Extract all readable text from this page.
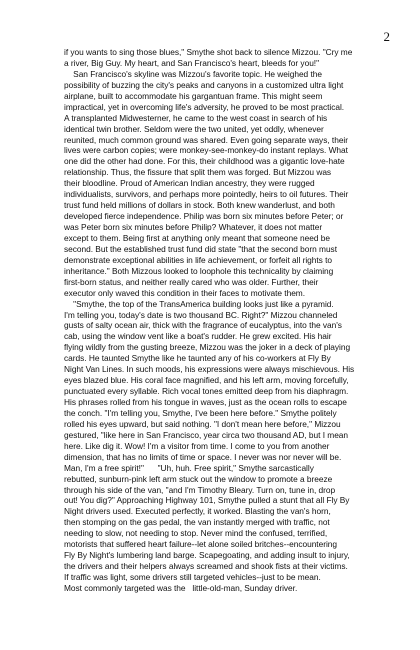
2
if you wants to sing those blues," Smythe shot back to silence Mizzou. "Cry me
a river, Big Guy. My heart, and San Francisco's heart, bleeds for you!"
San Francisco's skyline was Mizzou's favorite topic. He weighed the
possibility of buzzing the city's peaks and canyons in a customized ultra light
airplane, built to accommodate his gargantuan frame. This might seem
impractical, yet in overcoming life's adversity, he proved to be most practical.
A transplanted Midwesterner, he came to the west coast in search of his
identical twin brother. Seldom were the two united, yet oddly, whenever
reunited, much common ground was shared. Even going separate ways, their
lives were carbon copies; were monkey-see-monkey-do instant replays. What
one did the other had done. For this, their childhood was a gigantic love-hate
relationship. Thus, the fissure that split them was forged. But Mizzou was
their bloodline. Proud of American Indian ancestry, they were rugged
individualists, survivors, and perhaps more pointedly, heirs to oil futures. Their
trust fund held millions of dollars in stock. Both knew wanderlust, and both
developed fierce independence. Philip was born six minutes before Peter; or
was Peter born six minutes before Philip? Whatever, it does not matter
except to them. Being first at anything only meant that someone need be
second. But the established trust fund did state "that the second born must
demonstrate exceptional abilities in life achievement, or forfeit all rights to
inheritance." Both Mizzous looked to loophole this technicality by claiming
first-born status, and neither really cared who was older. Further, their
executor only waved this condition in their faces to motivate them.
"Smythe, the top of the TransAmerica building looks just like a pyramid.
I'm telling you, today's date is two thousand BC. Right?" Mizzou channeled
gusts of salty ocean air, thick with the fragrance of eucalyptus, into the van's
cab, using the window vent like a boat's rudder. He grew excited. His hair
flying wildly from the gusting breeze, Mizzou was the joker in a deck of playing
cards. He taunted Smythe like he taunted any of his co-workers at Fly By
Night Van Lines. In such moods, his expressions were always mischievous. His
eyes blazed blue. His coral face magnified, and his left arm, moving forcefully,
punctuated every syllable. Rich vocal tones emitted deep from his diaphragm.
His phrases rolled from his tongue in waves, just as the ocean rolls to escape
the conch. "I'm telling you, Smythe, I've been here before." Smythe politely
rolled his eyes upward, but said nothing. "I don't mean here before," Mizzou
gestured, "like here in San Francisco, year circa two thousand AD, but I mean
here. Like dig it. Wow! I'm a visitor from time. I come to you from another
dimension, that has no limits of time or space. I never was nor never will be.
Man, I'm a free spirit!"      "Uh, huh. Free spirit," Smythe sarcastically
rebutted, sunburn-pink left arm stuck out the window to promote a breeze
through his side of the van, "and I'm Timothy Bleary. Turn on, tune in, drop
out! You dig?" Approaching Highway 101, Smythe pulled a stunt that all Fly By
Night drivers used. Executed perfectly, it worked. Blasting the van's horn,
then stomping on the gas pedal, the van instantly merged with traffic, not
needing to slow, not needing to stop. Never mind the confused, terrified,
motorists that suffered heart failure--let alone soiled britches--encountering
Fly By Night's lumbering land barge. Scapegoating, and adding insult to injury,
the drivers and their helpers always screamed and shook fists at their victims.
If traffic was light, some drivers still targeted vehicles--just to be mean.
Most commonly targeted was the   little-old-man, Sunday driver.
